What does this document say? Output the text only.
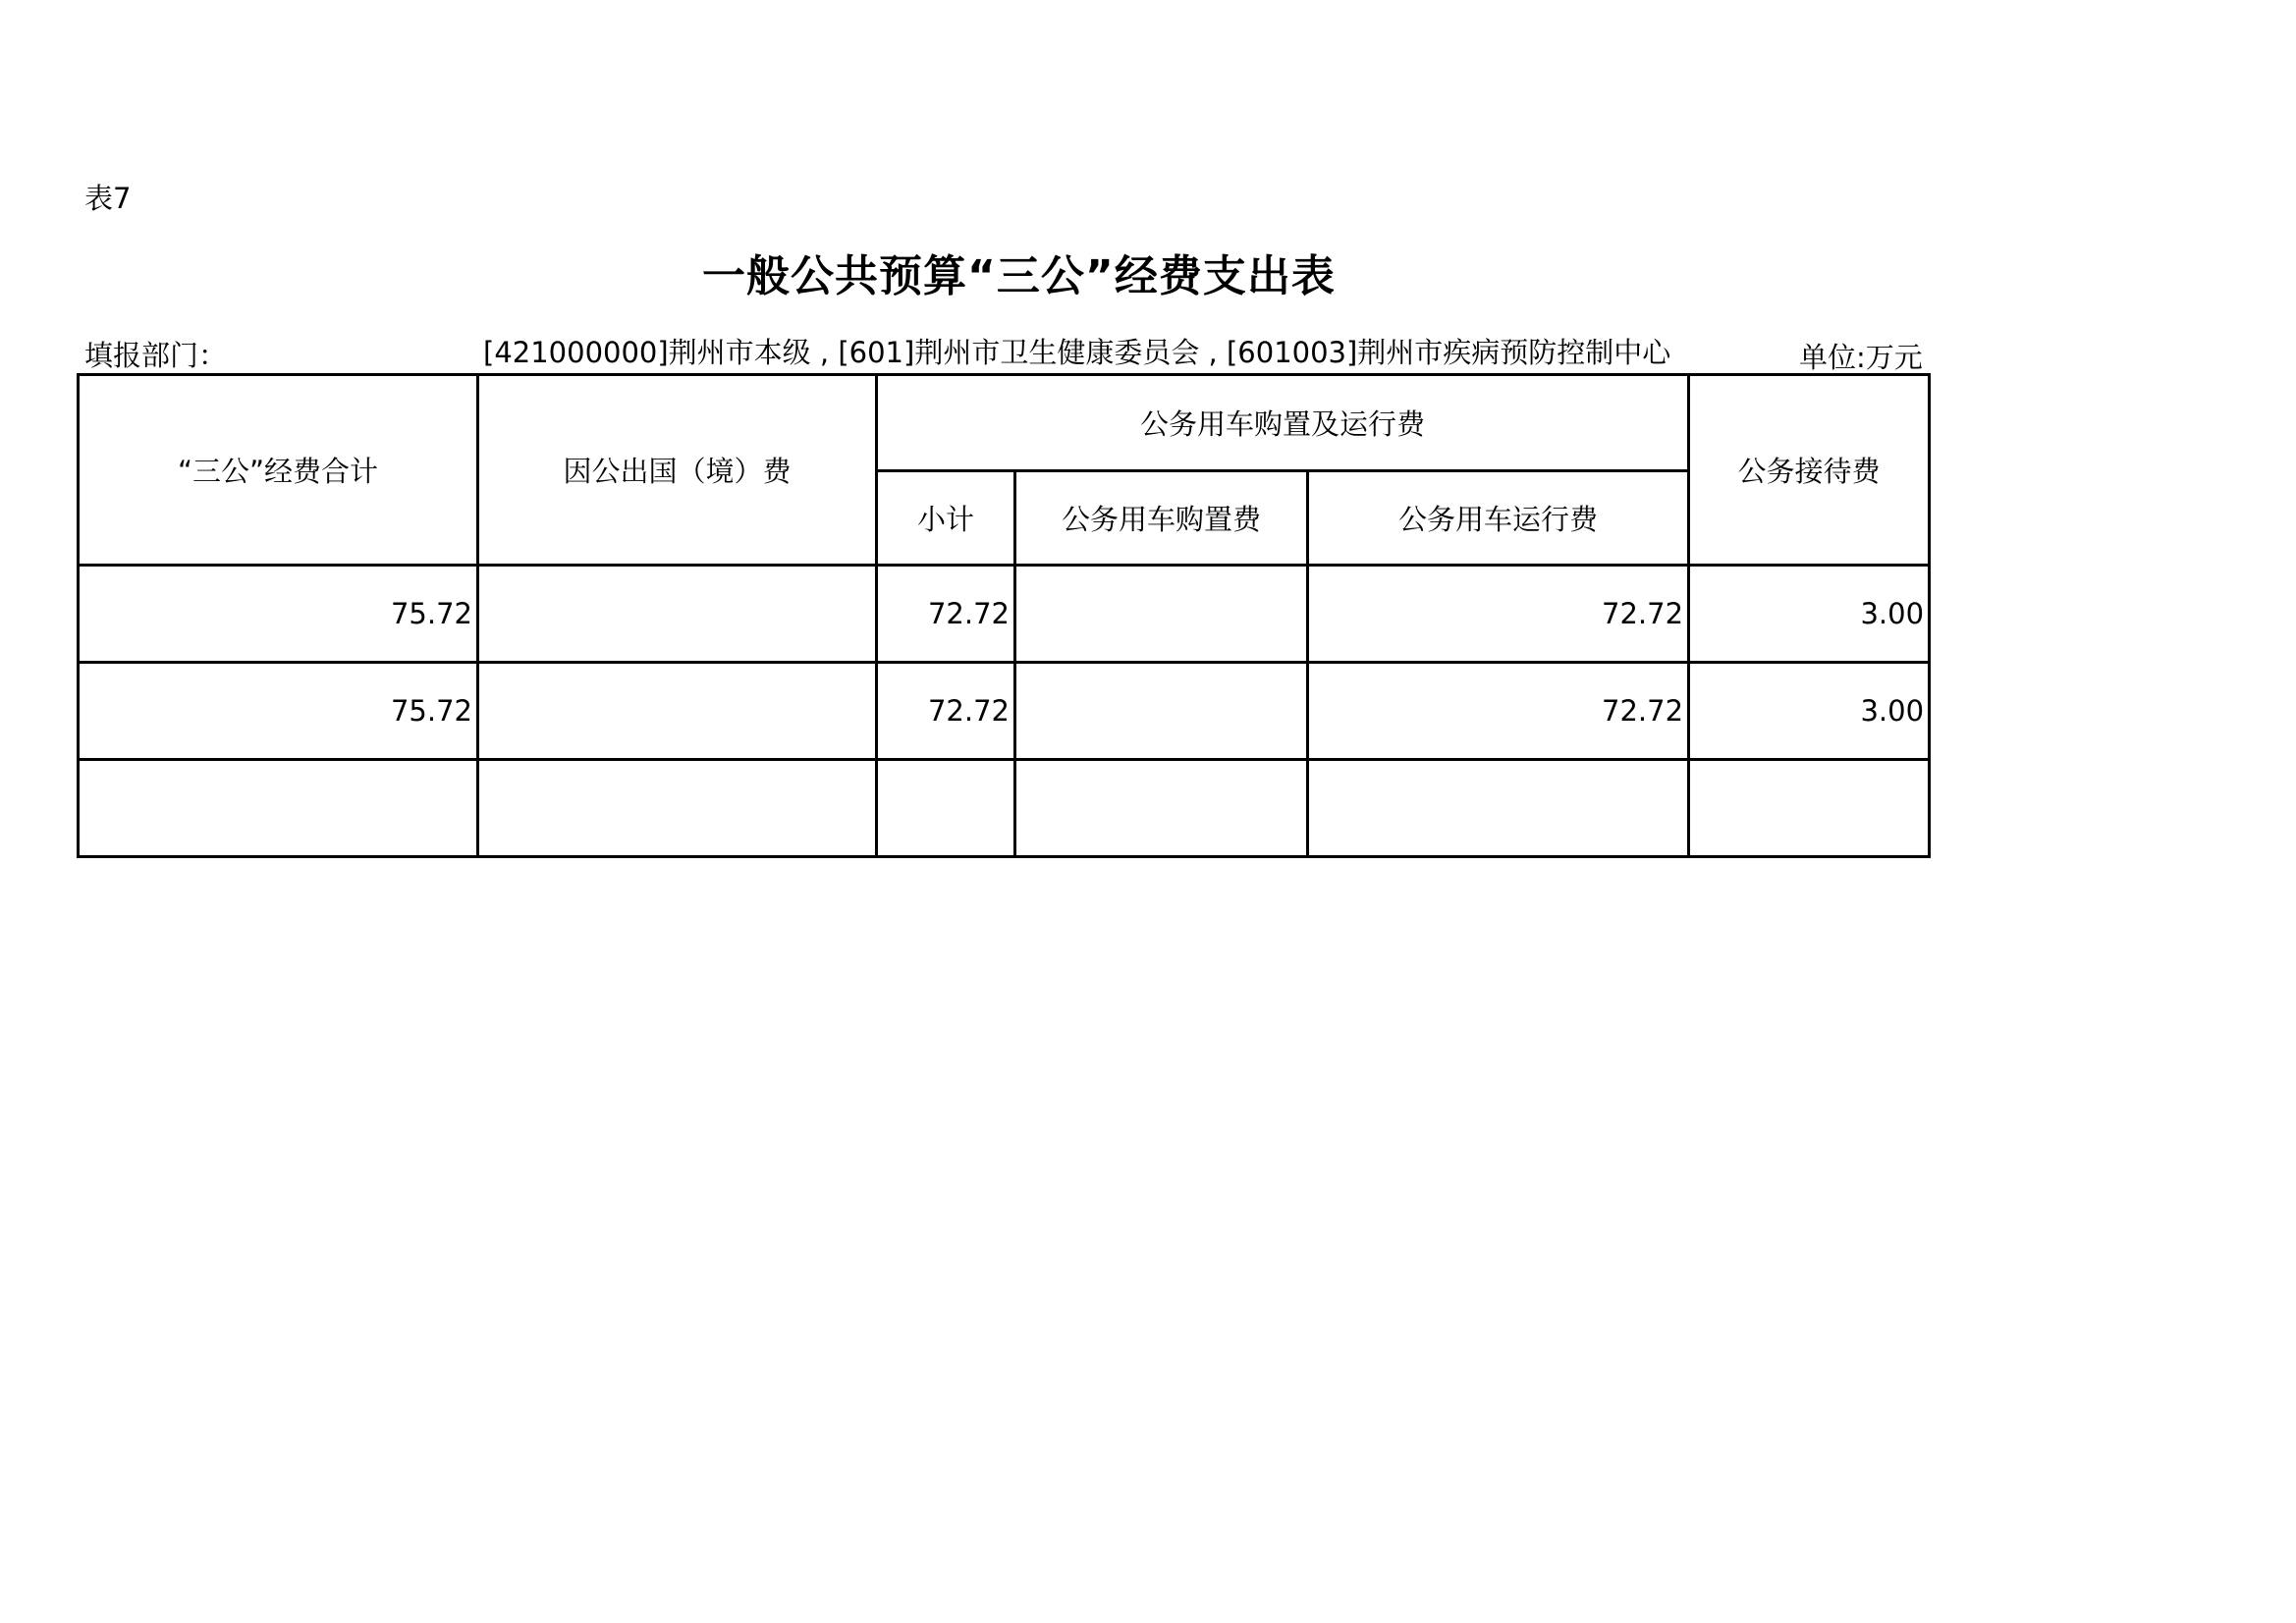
表7
一般公共预算“三公”经费支出表
填报部门：	[421000000]荆州市本级 , [601]荆州市卫生健康委员会 , [601003]荆州市疾病预防控制中心	单位:万元
“三公”经费合计	因公出国（境）费	公务用车购置及运行费			公务接待费
		小计	公务用车购置费	公务用车运行费	
75.72		72.72		72.72	3.00
75.72		72.72		72.72	3.00
